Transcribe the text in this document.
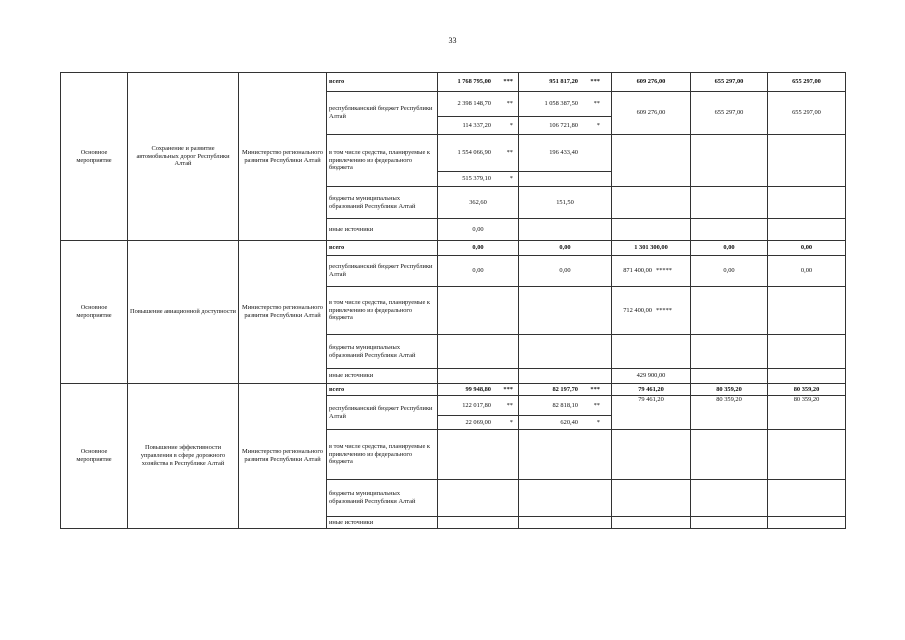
33
Основное мероприятие	Сохранение и развитие автомобильных дорог Республики Алтай	Министерство регионального развития Республики Алтай	всего	1 768 795,00 ***	951 817,20 ***	609 276,00	655 297,00	655 297,00
			республиканский бюджет Республики Алтай	2 398 148,70 **	1 058 387,50 **	609 276,00	655 297,00	655 297,00
				114 337,20 *	106 721,80 *			
			в том числе средства, планируемые к привлечению из федерального бюджета	1 554 066,90 **	196 433,40			
				515 379,10 *				
			бюджеты муниципальных образований Республики Алтай	362,60	151,50			
			иные источники	0,00				
Основное мероприятие	Повышение авиационной доступности	Министерство регионального развития Республики Алтай	всего	0,00	0,00	1 301 300,00	0,00	0,00
			республиканский бюджет Республики Алтай	0,00	0,00	871 400,00 *****	0,00	0,00
			в том числе средства, планируемые к привлечению из федерального бюджета			712 400,00 *****		
			бюджеты муниципальных образований Республики Алтай					
			иные источники			429 900,00		
Основное мероприятие	Повышение эффективности управления в сфере дорожного хозяйства в Республике Алтай	Министерство регионального развития Республики Алтай	всего	99 948,80 ***	82 197,70 ***	79 461,20	80 359,20	80 359,20
			республиканский бюджет Республики Алтай	122 017,80 **	82 818,10 **	79 461,20	80 359,20	80 359,20
				22 069,00 *	620,40 *			
			в том числе средства, планируемые к привлечению из федерального бюджета					
			бюджеты муниципальных образований Республики Алтай					
			иные источники					
